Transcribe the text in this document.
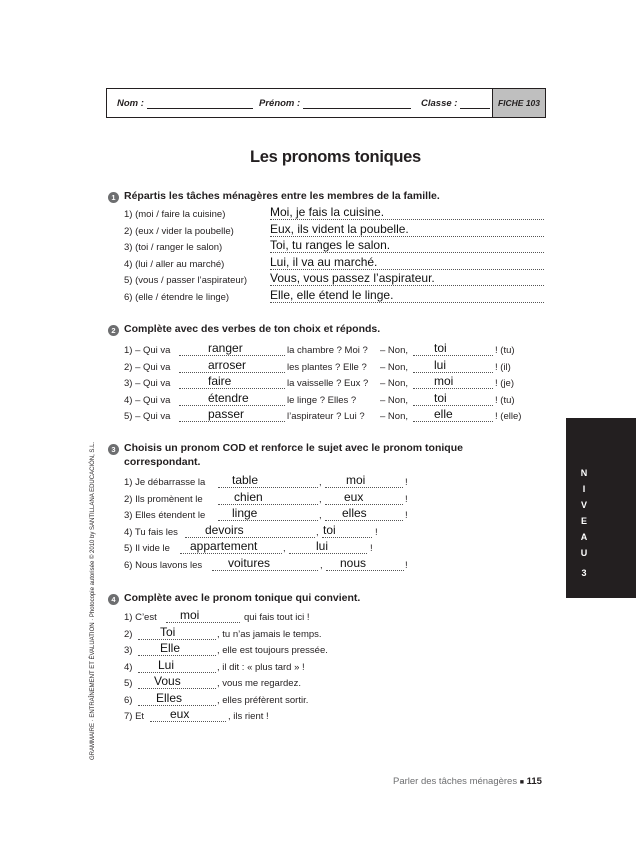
Nom :	Prénom :	Classe :	FICHE 103
Les pronoms toniques
1 Répartis les tâches ménagères entre les membres de la famille.
1) (moi / faire la cuisine)	Moi, je fais la cuisine.
2) (eux / vider la poubelle)	Eux, ils vident la poubelle.
3) (toi / ranger le salon)	Toi, tu ranges le salon.
4) (lui / aller au marché)	Lui, il va au marché.
5) (vous / passer l’aspirateur) Vous, vous passez l’aspirateur.
6) (elle / étendre le linge)	Elle, elle étend le linge.
2 Complète avec des verbes de ton choix et réponds.
1) – Qui va	ranger	la chambre ? Moi ? – Non, toi	! (tu)
2) – Qui va	arroser	les plantes ? Elle ? – Non, lui	! (il)
3) – Qui va	faire	la vaisselle ? Eux ? – Non, moi	! (je)
4) – Qui va	étendre	le linge ? Elles ?	– Non, toi	! (tu)
5) – Qui va	passer	l’aspirateur ? Lui ? – Non, elle	! (elle)
3 Choisis un pronom COD et renforce le sujet avec le pronom tonique
correspondant.
1) Je débarrasse la table	, moi	!
2) Ils promènent le	chien	, eux	!
3) Elles étendent le linge	, elles	!
4) Tu fais les devoirs	, toi	!
5) Il vide le appartement	,	lui	!
6) Nous lavons les voitures	, nous	!
4 Complète avec le pronom tonique qui convient.
1) C’est moi	qui fais tout ici !
2) Toi	, tu n’as jamais le temps.
3) Elle	, elle est toujours pressée.
4) Lui	, il dit : « plus tard » !
5) Vous	, vous me regardez.
6) Elles	, elles préfèrent sortir.
7) Et eux	, ils rient !
N
I
V
E
A
U
3
GRAMMAIRE · ENTRAÎNEMENT ET ÉVALUATION · Photocopie autorisée © 2010 by SANTILLANA EDUCACIÓN, S.L.
Parler des tâches ménagères ■ 115
